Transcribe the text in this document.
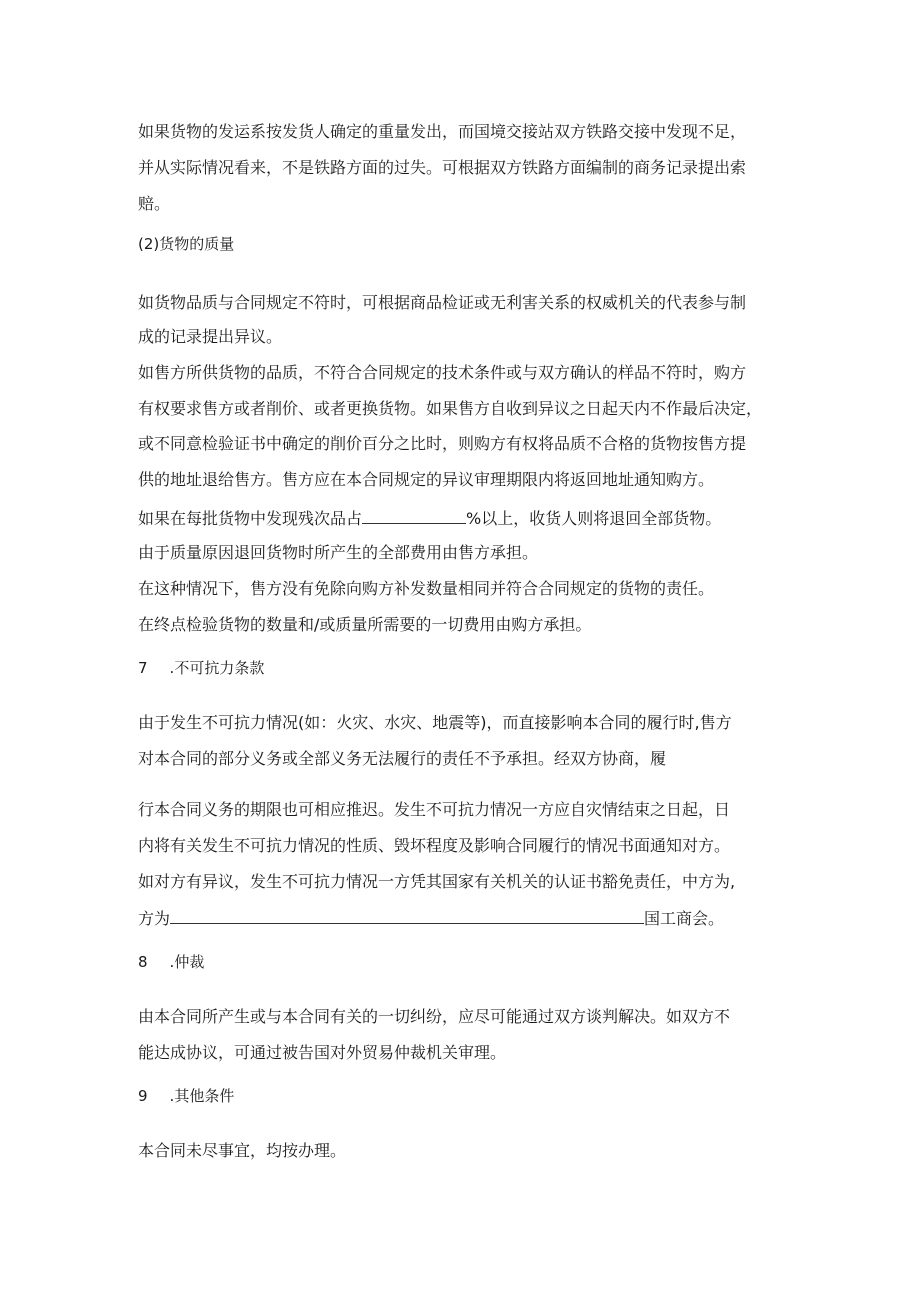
如果货物的发运系按发货人确定的重量发出，而国境交接站双方铁路交接中发现不足，
并从实际情况看来，不是铁路方面的过失。可根据双方铁路方面编制的商务记录提出索
赔。
(2)货物的质量
如货物品质与合同规定不符时，可根据商品检证或无利害关系的权威机关的代表参与制
成的记录提出异议。
如售方所供货物的品质，不符合合同规定的技术条件或与双方确认的样品不符时，购方
有权要求售方或者削价、或者更换货物。如果售方自收到异议之日起天内不作最后决定，
或不同意检验证书中确定的削价百分之比时，则购方有权将品质不合格的货物按售方提
供的地址退给售方。售方应在本合同规定的异议审理期限内将返回地址通知购方。
如果在每批货物中发现残次品占	%以上，收货人则将退回全部货物。
由于质量原因退回货物时所产生的全部费用由售方承担。
在这种情况下，售方没有免除向购方补发数量相同并符合合同规定的货物的责任。
在终点检验货物的数量和/或质量所需要的一切费用由购方承担。
7 .不可抗力条款
由于发生不可抗力情况(如：火灾、水灾、地震等)，而直接影响本合同的履行时,售方
对本合同的部分义务或全部义务无法履行的责任不予承担。经双方协商，履
行本合同义务的期限也可相应推迟。发生不可抗力情况一方应自灾情结束之日起，日
内将有关发生不可抗力情况的性质、毁坏程度及影响合同履行的情况书面通知对方。
如对方有异议，发生不可抗力情况一方凭其国家有关机关的认证书豁免责任，中方为,
方为	国工商会。
8 .仲裁
由本合同所产生或与本合同有关的一切纠纷，应尽可能通过双方谈判解决。如双方不
能达成协议，可通过被告国对外贸易仲裁机关审理。
9 .其他条件
本合同未尽事宜，均按办理。
